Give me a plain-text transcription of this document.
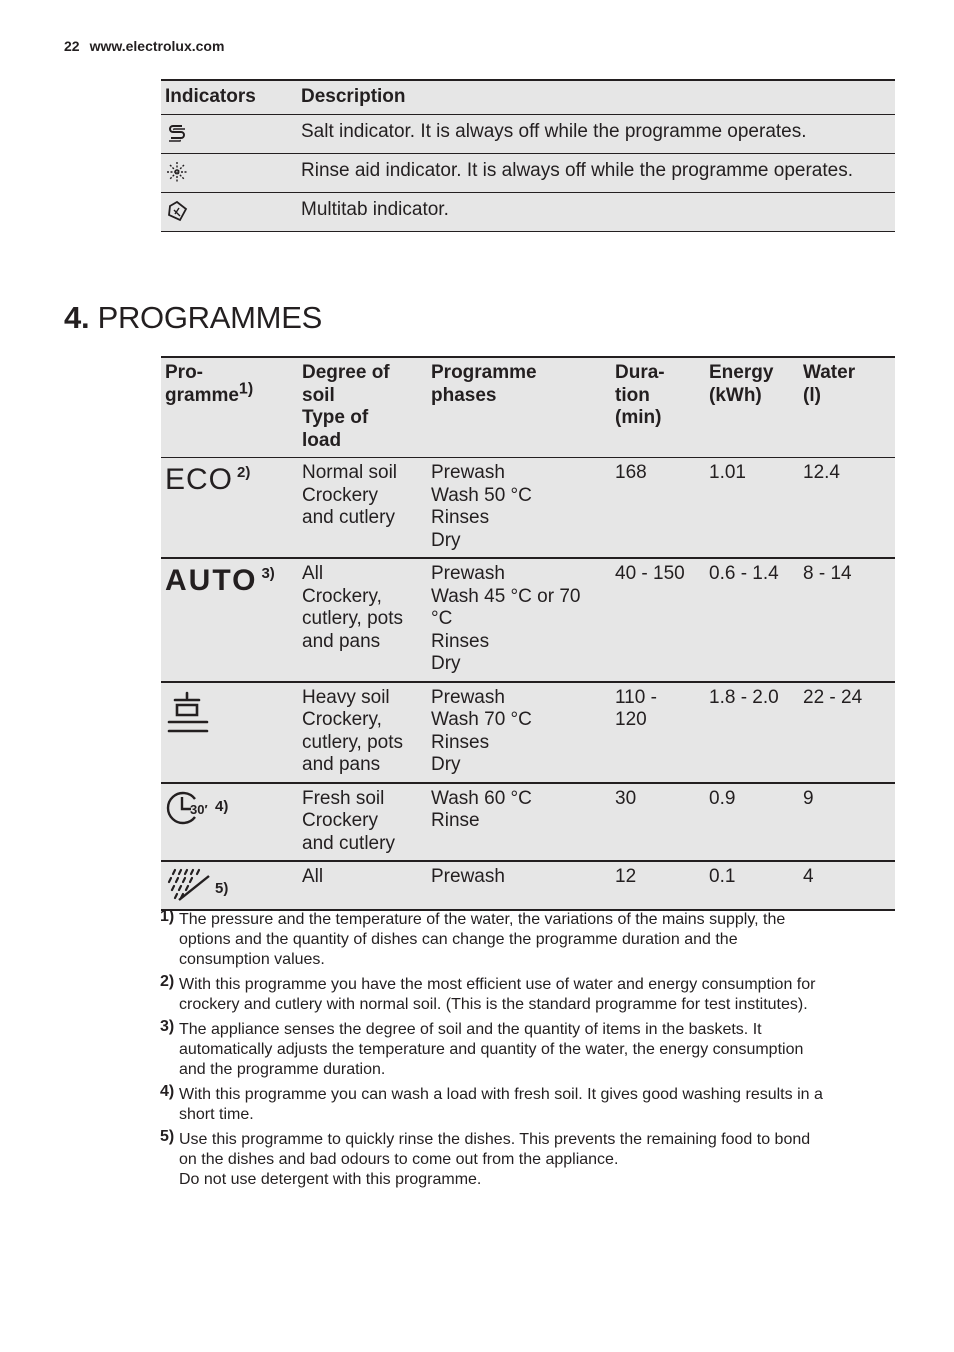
22 www.electrolux.com
Indicators	Description
	Salt indicator. It is always off while the programme operates.
	Rinse aid indicator. It is always off while the programme operates.
	Multitab indicator.
4. PROGRAMMES
Pro-
gramme$^{1)}$	Degree of
soil
Type of
load	Programme
phases	Dura-
tion
(min)	Energy
(kWh)	Water
(l)

ECO 2)	Normal soil
Crockery
and cutlery	Prewash
Wash 50 °C
Rinses
Dry	168	1.01	12.4

AUTO 3)	All
Crockery,
cutlery, pots
and pans	Prewash
Wash 45 °C or 70
°C
Rinses
Dry	40 - 150	0.6 - 1.4	8 - 14
	Heavy soil
Crockery,
cutlery, pots
and pans	Prewash
Wash 70 °C
Rinses
Dry	110 -
120	1.8 - 2.0	22 - 24

30′ 4)	Fresh soil
Crockery
and cutlery	Wash 60 °C
Rinse	30	0.9	9

5)	All	Prewash	12	0.1	4
1) The pressure and the temperature of the water, the variations of the mains supply, the
options and the quantity of dishes can change the programme duration and the
consumption values.
2) With this programme you have the most efficient use of water and energy consumption for
crockery and cutlery with normal soil. (This is the standard programme for test institutes).
3) The appliance senses the degree of soil and the quantity of items in the baskets. It
automatically adjusts the temperature and quantity of the water, the energy consumption
and the programme duration.
4) With this programme you can wash a load with fresh soil. It gives good washing results in a
short time.
5) Use this programme to quickly rinse the dishes. This prevents the remaining food to bond
on the dishes and bad odours to come out from the appliance.
Do not use detergent with this programme.
